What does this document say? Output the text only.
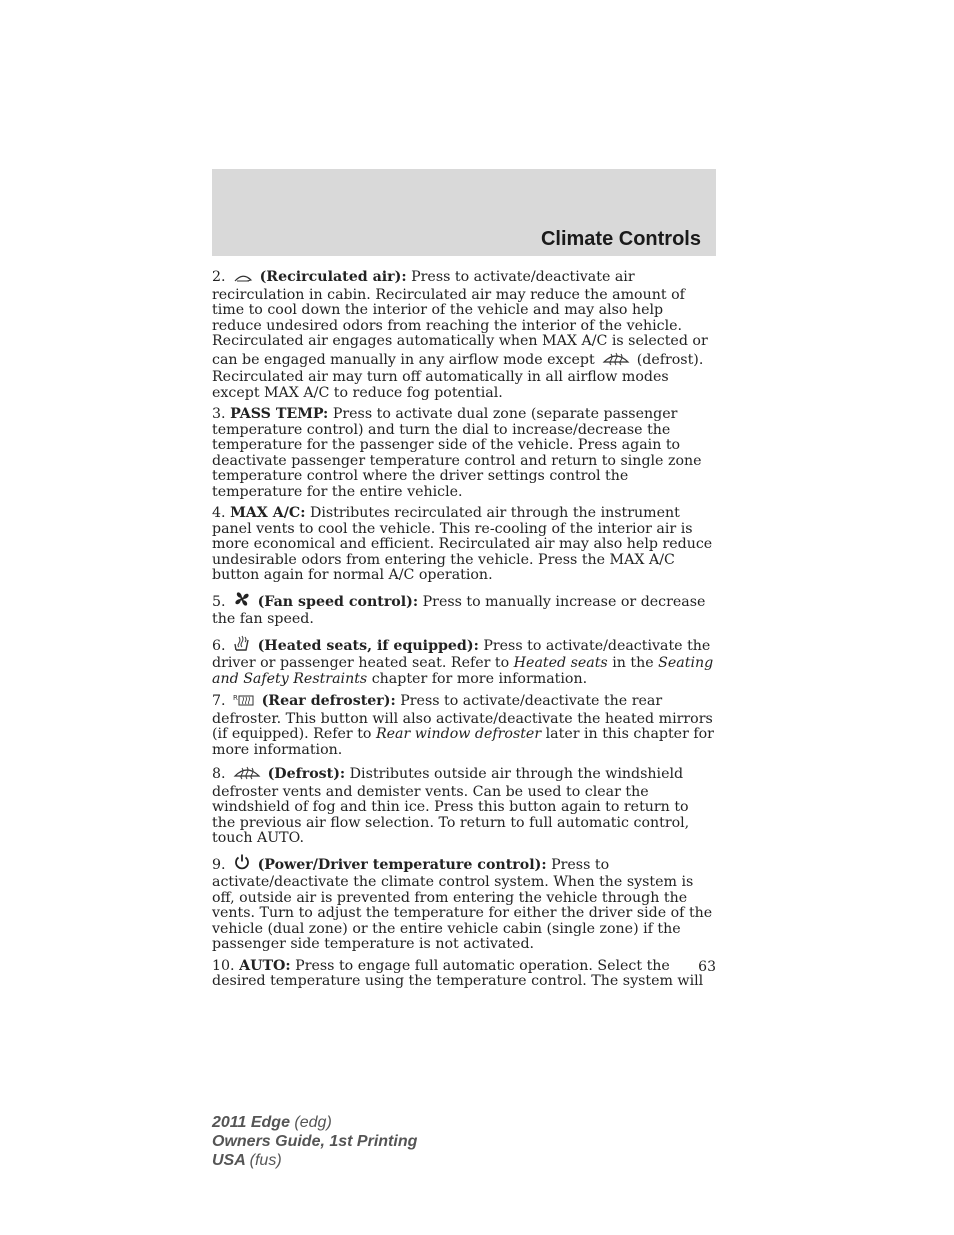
Climate Controls

2. (Recirculated air): Press to activate/deactivate air recirculation in cabin. Recirculated air may reduce the amount of time to cool down the interior of the vehicle and may also help reduce undesired odors from reaching the interior of the vehicle. Recirculated air engages automatically when MAX A/C is selected or can be engaged manually in any airflow mode except	(defrost). Recirculated air may turn off automatically in all airflow modes except MAX A/C to reduce fog potential.

3. PASS TEMP: Press to activate dual zone (separate passenger temperature control) and turn the dial to increase/decrease the temperature for the passenger side of the vehicle. Press again to deactivate passenger temperature control and return to single zone temperature control where the driver settings control the temperature for the entire vehicle.

4. MAX A/C: Distributes recirculated air through the instrument panel vents to cool the vehicle. This re-cooling of the interior air is more economical and efficient. Recirculated air may also help reduce undesirable odors from entering the vehicle. Press the MAX A/C button again for normal A/C operation.

5. (Fan speed control): Press to manually increase or decrease the fan speed.

6. (Heated seats, if equipped): Press to activate/deactivate the driver or passenger heated seat. Refer to Heated seats in the Seating and Safety Restraints chapter for more information.

7. R (Rear defroster): Press to activate/deactivate the rear defroster. This button will also activate/deactivate the heated mirrors (if equipped). Refer to Rear window defroster later in this chapter for more information.

8.	(Defrost): Distributes outside air through the windshield defroster vents and demister vents. Can be used to clear the windshield of fog and thin ice. Press this button again to return to the previous air flow selection. To return to full automatic control, touch AUTO.

9. (Power/Driver temperature control): Press to activate/deactivate the climate control system. When the system is off, outside air is prevented from entering the vehicle through the vents. Turn to adjust the temperature for either the driver side of the vehicle (dual zone) or the entire vehicle cabin (single zone) if the passenger side temperature is not activated.

10. AUTO: Press to engage full automatic operation. Select the desired temperature using the temperature control. The system will

63
2011 Edge (edg)
Owners Guide, 1st Printing
USA (fus)
